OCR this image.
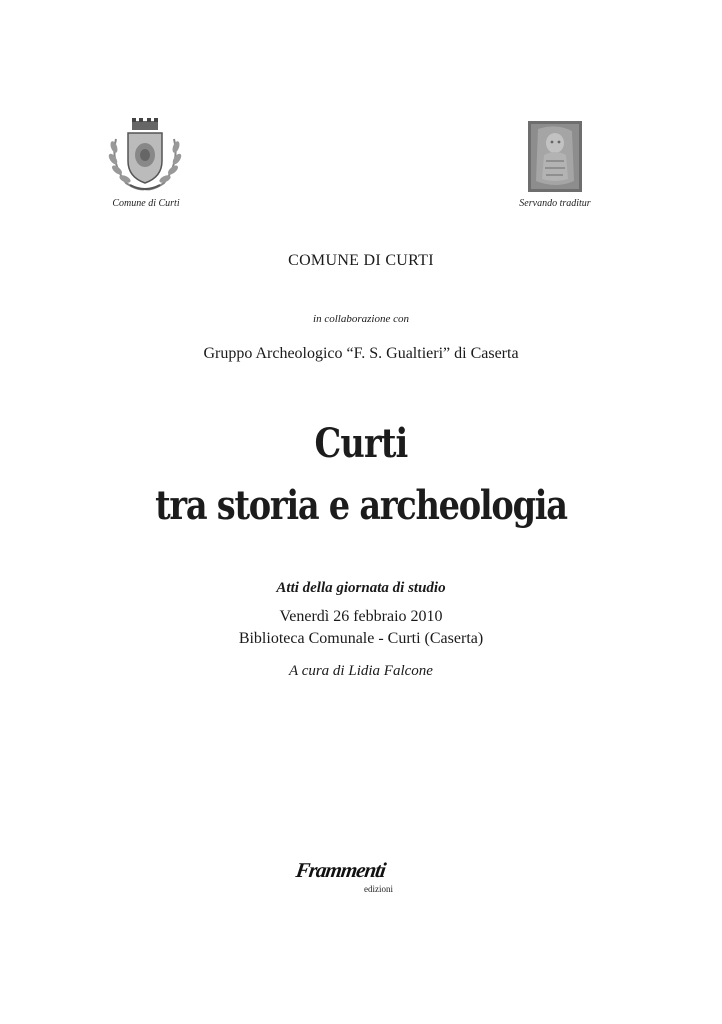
Comune di Curti	Servando traditur
COMUNE DI CURTI
in collaborazione con
Gruppo Archeologico “F. S. Gualtieri” di Caserta
Curti
tra storia e archeologia
Atti della giornata di studio
Venerdì 26 febbraio 2010
Biblioteca Comunale - Curti (Caserta)
A cura di Lidia Falcone
Frammenti
edizioni
